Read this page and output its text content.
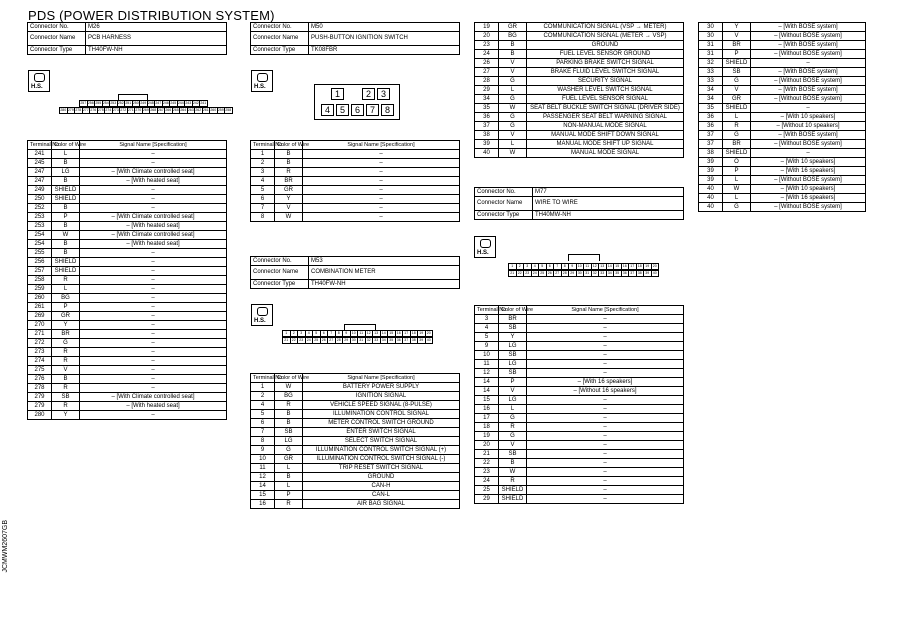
PDS (POWER DISTRIBUTION SYSTEM)
JCMWM2607GB
Connector No.	M26
Connector Name	PCB HARNESS
Connector Type	TH40FW-NH
Connector No.	M50
Connector Name	PUSH-BUTTON IGNITION SWITCH
Connector Type	TK08FBR
Connector No.	M53
Connector Name	COMBINATION METER
Connector Type	TH40FW-NH
Connector No.	M77
Connector Name	WIRE TO WIRE
Connector Type	TH40MW-NH
H.S.	H.S.
H.S.
H.S.
257 256 255 254 253 252 251 250 249 248 247 246 245 244 243 242 241
280 279 278 277 276 275 274 273 272 271 270 269 268 267 266 265 264 263 262 261 260 259 258
1	2	3
4	5	6	7	8
1	2	3	4	5	6	7	8	9	10	11	12	13	14	15	16	17	18	19	20
21	22	23	24	25	26	27	28	29	30	31	32	33	34	35	36	37	38	39	40
1	2	3	4	5	6	7	8	9	10	11	12	13	14	15	16	17	18	19	20
21	22	23	24	25	26	27	28	29	30	31	32	33	34	35	36	37	38	39	40
Terminal No.	Color of Wire	Signal Name [Specification]
241	L	–
245	B	–
247	LG	– [With Climate controlled seat]
247	B	– [With heated seat]
249	SHIELD	–
250	SHIELD	–
252	B	–
253	P	– [With Climate controlled seat]
253	B	– [With heated seat]
254	W	– [With Climate controlled seat]
254	B	– [With heated seat]
255	B	–
256	SHIELD	–
257	SHIELD	–
258	R	–
259	L	–
260	BG	–
261	P	–
269	GR	–
270	Y	–
271	BR	–
272	G	–
273	R	–
274	R	–
275	V	–
276	B	–
278	R	–
279	SB	– [With Climate controlled seat]
279	R	– [With heated seat]
280	Y	–
Terminal No.	Color of Wire	Signal Name [Specification]
1	B	–
2	B	–
3	R	–
4	BR	–
5	GR	–
6	Y	–
7	V	–
8	W	–
Terminal No.	Color of Wire	Signal Name [Specification]
1	W	BATTERY POWER SUPPLY
2	BG	IGNITION SIGNAL
4	R	VEHICLE SPEED SIGNAL (8-PULSE)
5	B	ILLUMINATION CONTROL SIGNAL
6	B	METER CONTROL SWITCH GROUND
7	SB	ENTER SWITCH SIGNAL
8	LG	SELECT SWITCH SIGNAL
9	G	ILLUMINATION CONTROL SWITCH SIGNAL (+)
10	GR	ILLUMINATION CONTROL SWITCH SIGNAL (-)
11	L	TRIP RESET SWITCH SIGNAL
12	B	GROUND
14	L	CAN-H
15	P	CAN-L
16	R	AIR BAG SIGNAL
19	GR	COMMUNICATION SIGNAL (VSP → METER)
20	BG	COMMUNICATION SIGNAL (METER → VSP)
23	B	GROUND
24	B	FUEL LEVEL SENSOR GROUND
26	V	PARKING BRAKE SWITCH SIGNAL
27	V	BRAKE FLUID LEVEL SWITCH SIGNAL
28	G	SECURITY SIGNAL
29	L	WASHER LEVEL SWITCH SIGNAL
34	G	FUEL LEVEL SENSOR SIGNAL
35	W	SEAT BELT BUCKLE SWITCH SIGNAL (DRIVER SIDE)
36	G	PASSENGER SEAT BELT WARNING SIGNAL
37	G	NON-MANUAL MODE SIGNAL
38	V	MANUAL MODE SHIFT DOWN SIGNAL
39	L	MANUAL MODE SHIFT UP SIGNAL
40	W	MANUAL MODE SIGNAL
Terminal No.	Color of Wire	Signal Name [Specification]
3	BR	–
4	SB	–
5	Y	–
9	LG	–
10	SB	–
11	LG	–
12	SB	–
14	P	– [With 16 speakers]
14	V	– [Without 16 speakers]
15	LG	–
16	L	–
17	G	–
18	R	–
19	G	–
20	V	–
21	SB	–
22	B	–
23	W	–
24	R	–
25	SHIELD	–
29	SHIELD	–
30	Y	– [With BOSE system]
30	V	– [Without BOSE system]
31	BR	– [With BOSE system]
31	P	– [Without BOSE system]
32	SHIELD	–
33	SB	– [With BOSE system]
33	G	– [Without BOSE system]
34	V	– [With BOSE system]
34	GR	– [Without BOSE system]
35	SHIELD	–
36	L	– [With 10 speakers]
36	R	– [Without 10 speakers]
37	G	– [With BOSE system]
37	BR	– [Without BOSE system]
38	SHIELD	–
39	O	– [With 10 speakers]
39	P	– [With 16 speakers]
39	L	– [Without BOSE system]
40	W	– [With 10 speakers]
40	L	– [With 16 speakers]
40	G	– [Without BOSE system]
